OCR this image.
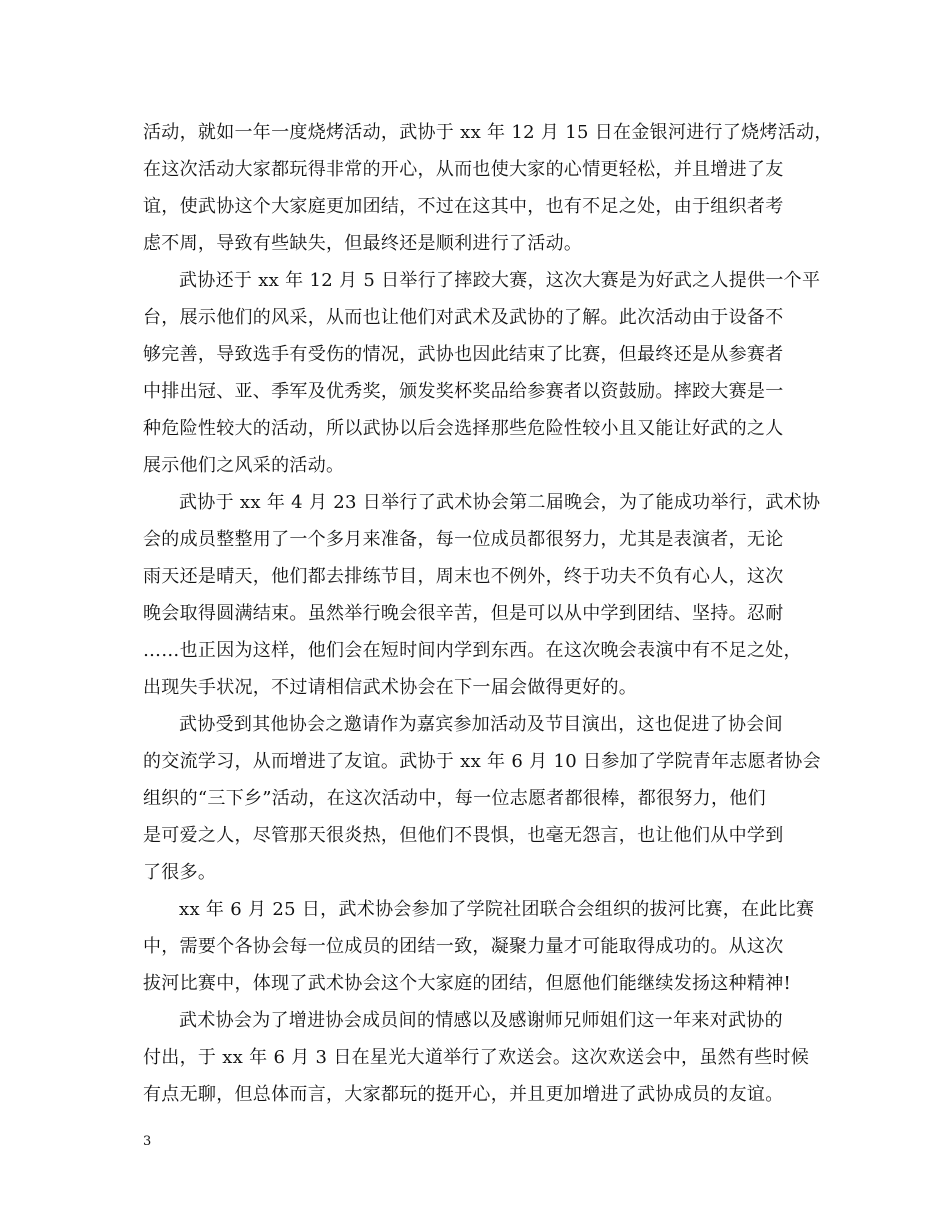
活动，就如一年一度烧烤活动，武协于 xx 年 12 月 15 日在金银河进行了烧烤活动，
在这次活动大家都玩得非常的开心，从而也使大家的心情更轻松，并且增进了友
谊，使武协这个大家庭更加团结，不过在这其中，也有不足之处，由于组织者考
虑不周，导致有些缺失，但最终还是顺利进行了活动。
武协还于 xx 年 12 月 5 日举行了摔跤大赛，这次大赛是为好武之人提供一个平
台，展示他们的风采，从而也让他们对武术及武协的了解。此次活动由于设备不
够完善，导致选手有受伤的情况，武协也因此结束了比赛，但最终还是从参赛者
中排出冠、亚、季军及优秀奖，颁发奖杯奖品给参赛者以资鼓励。摔跤大赛是一
种危险性较大的活动，所以武协以后会选择那些危险性较小且又能让好武的之人
展示他们之风采的活动。
武协于 xx 年 4 月 23 日举行了武术协会第二届晚会，为了能成功举行，武术协
会的成员整整用了一个多月来准备，每一位成员都很努力，尤其是表演者，无论
雨天还是晴天，他们都去排练节目，周末也不例外，终于功夫不负有心人，这次
晚会取得圆满结束。虽然举行晚会很辛苦，但是可以从中学到团结、坚持。忍耐
……也正因为这样，他们会在短时间内学到东西。在这次晚会表演中有不足之处，
出现失手状况，不过请相信武术协会在下一届会做得更好的。
武协受到其他协会之邀请作为嘉宾参加活动及节目演出，这也促进了协会间
的交流学习，从而增进了友谊。武协于 xx 年 6 月 10 日参加了学院青年志愿者协会
组织的“三下乡”活动，在这次活动中，每一位志愿者都很棒，都很努力，他们
是可爱之人，尽管那天很炎热，但他们不畏惧，也毫无怨言，也让他们从中学到
了很多。
xx 年 6 月 25 日，武术协会参加了学院社团联合会组织的拔河比赛，在此比赛
中，需要个各协会每一位成员的团结一致，凝聚力量才可能取得成功的。从这次
拔河比赛中，体现了武术协会这个大家庭的团结，但愿他们能继续发扬这种精神!
武术协会为了增进协会成员间的情感以及感谢师兄师姐们这一年来对武协的
付出，于 xx 年 6 月 3 日在星光大道举行了欢送会。这次欢送会中，虽然有些时候
有点无聊，但总体而言，大家都玩的挺开心，并且更加增进了武协成员的友谊。
3
